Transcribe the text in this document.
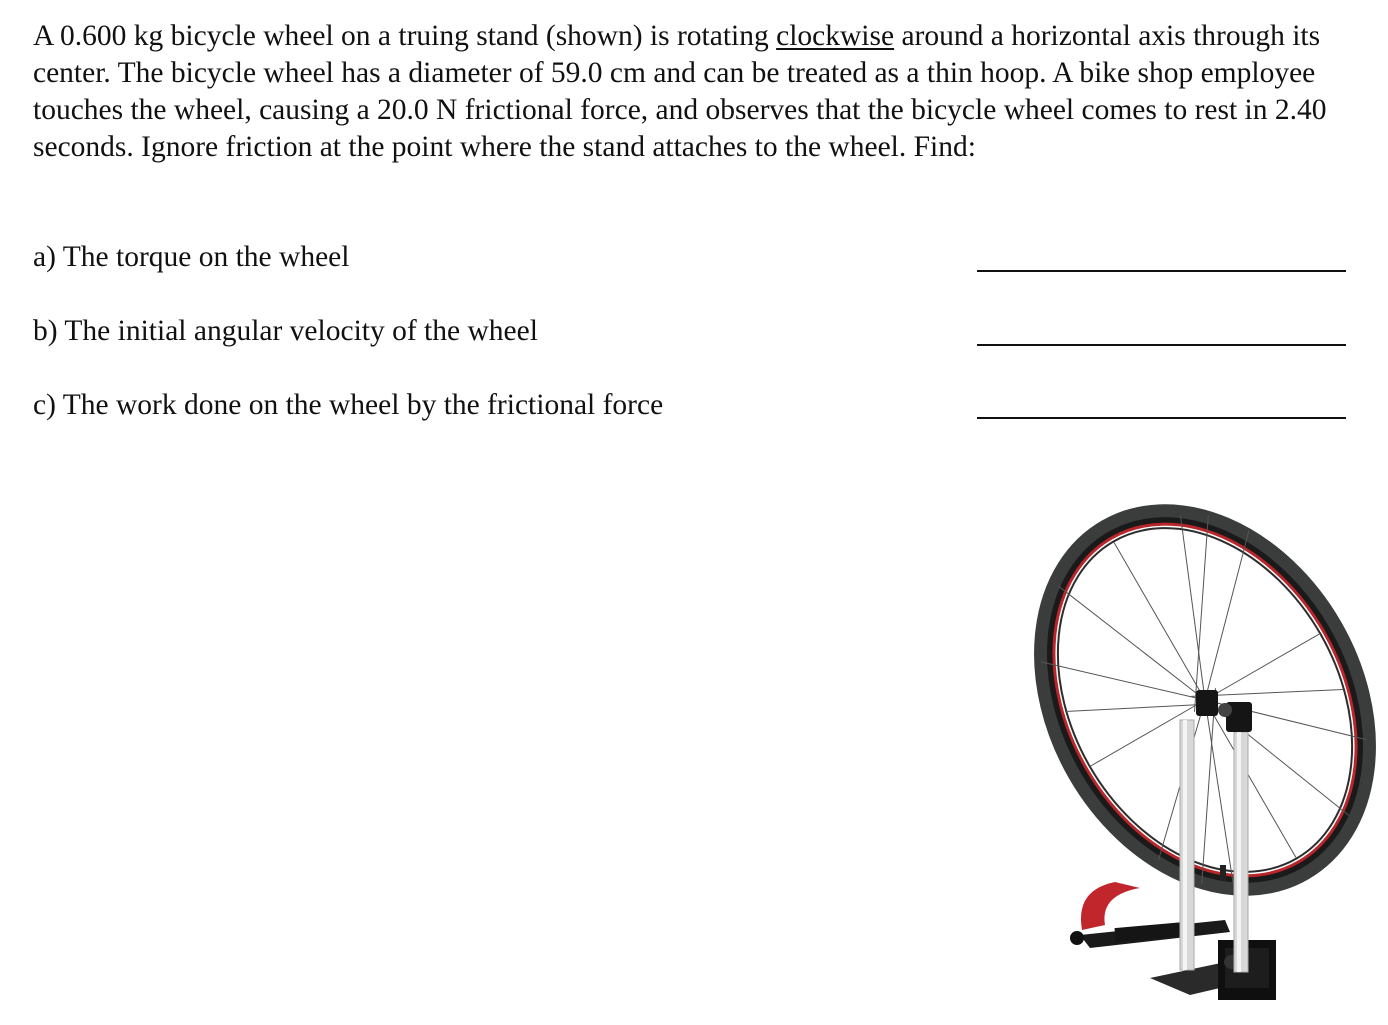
A 0.600 kg bicycle wheel on a truing stand (shown) is rotating clockwise around a horizontal axis through its center. The bicycle wheel has a diameter of 59.0 cm and can be treated as a thin hoop. A bike shop employee touches the wheel, causing a 20.0 N frictional force, and observes that the bicycle wheel comes to rest in 2.40 seconds. Ignore friction at the point where the stand attaches to the wheel. Find:
a) The torque on the wheel
b) The initial angular velocity of the wheel
c) The work done on the wheel by the frictional force
